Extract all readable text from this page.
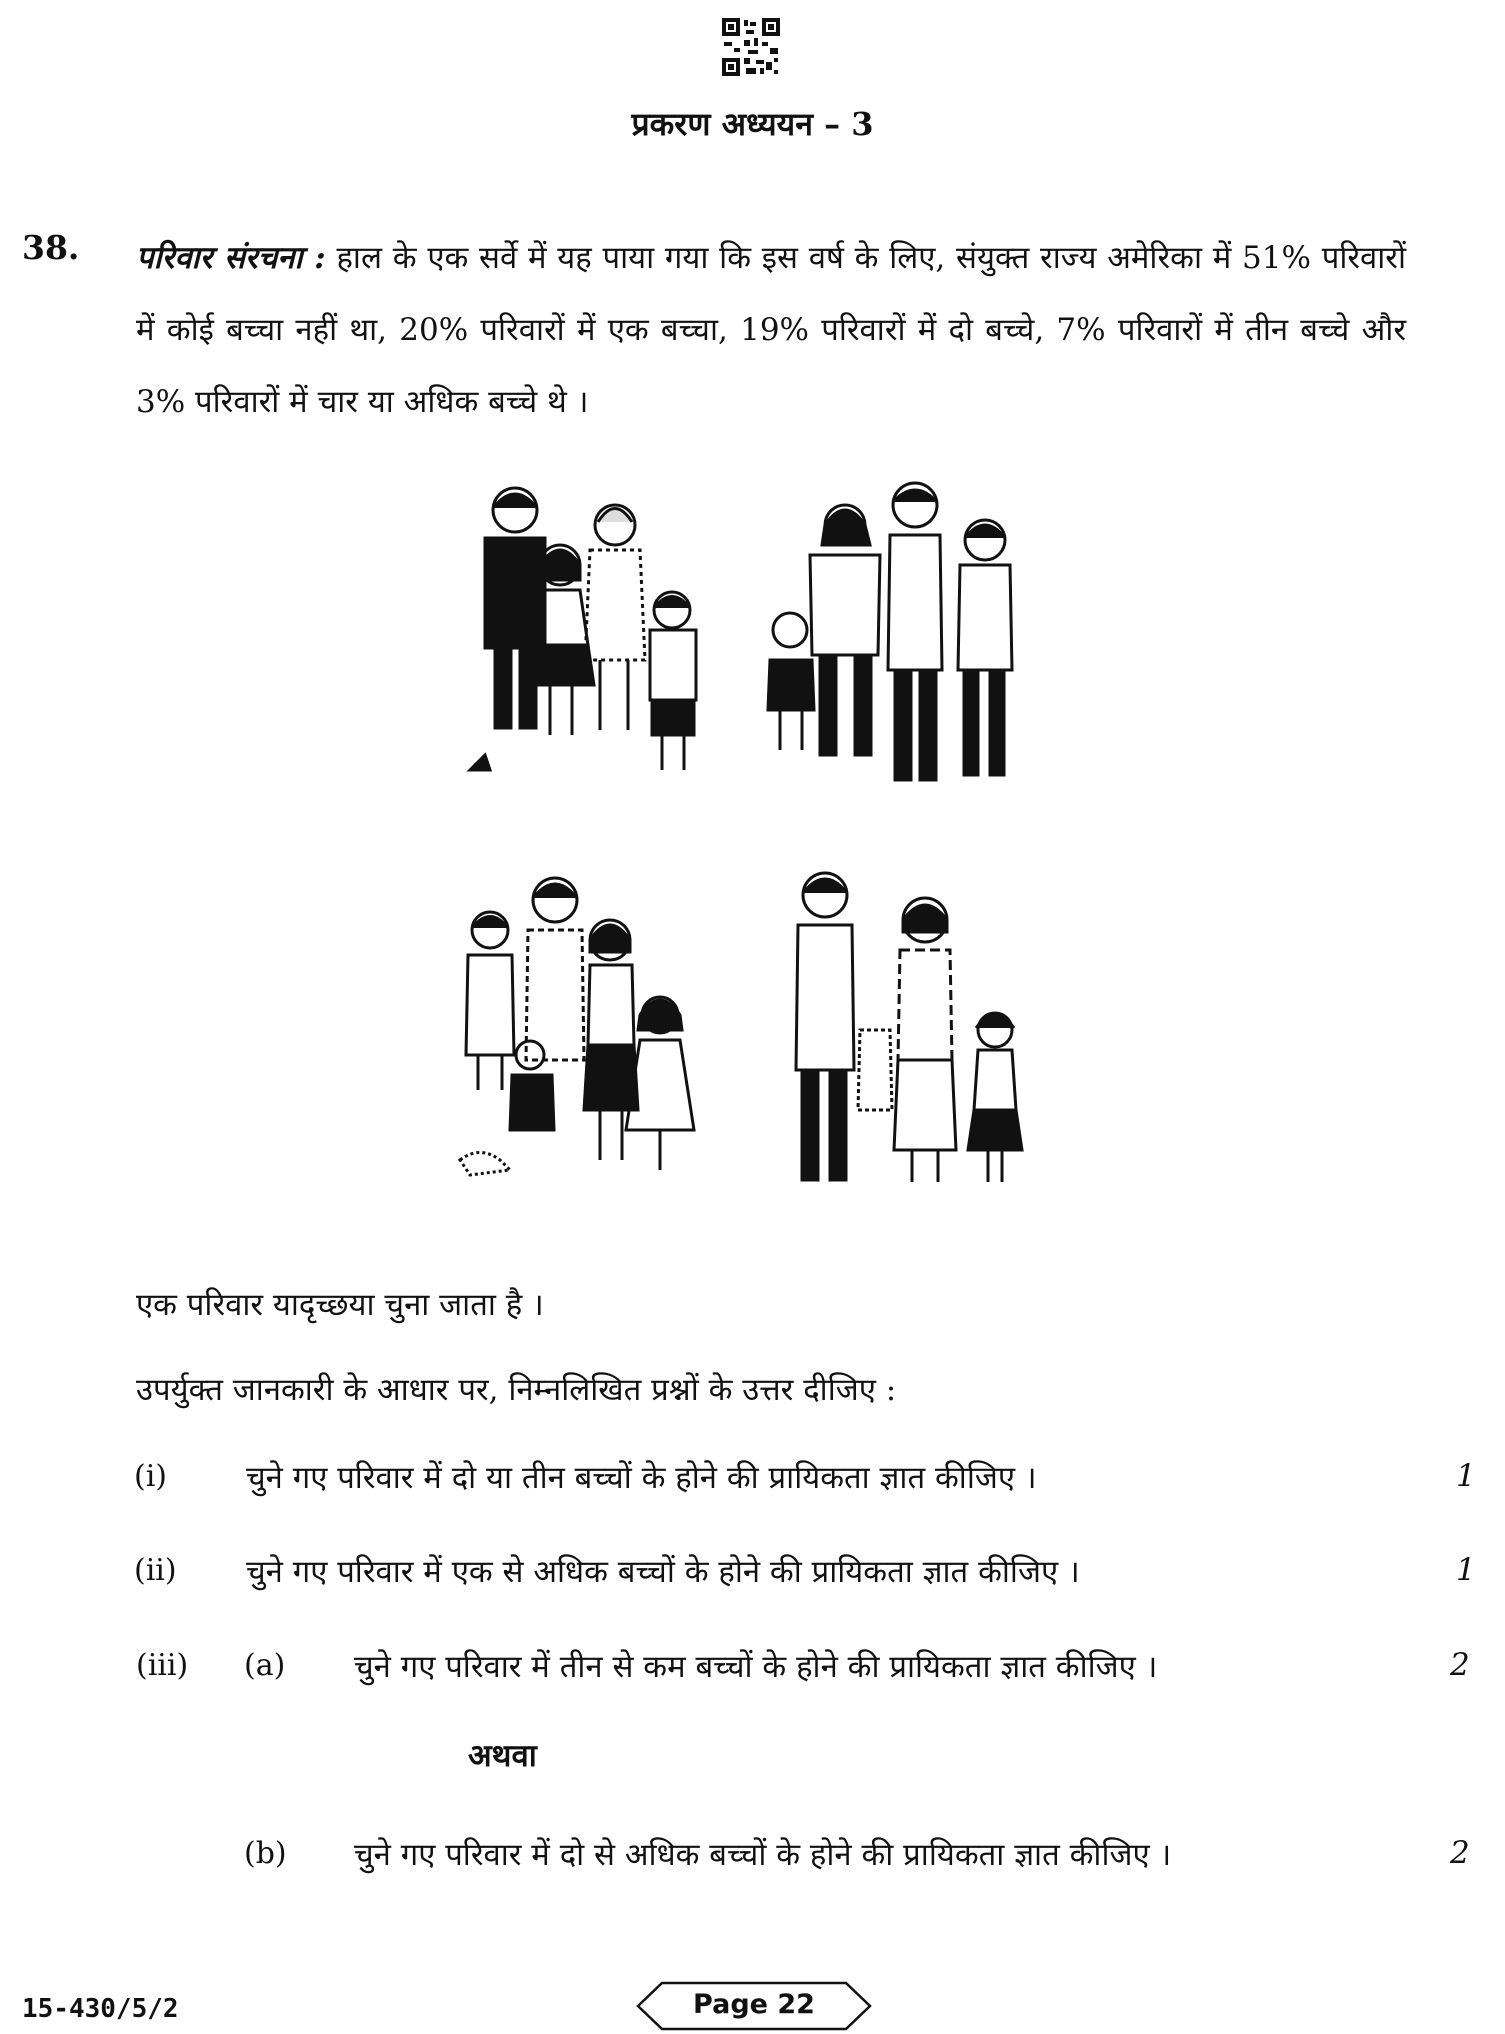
प्रकरण अध्ययन – 3
38. परिवार संरचना : हाल के एक सर्वे में यह पाया गया कि इस वर्ष के लिए, संयुक्त राज्य अमेरिका में 51% परिवारों में कोई बच्चा नहीं था, 20% परिवारों में एक बच्चा, 19% परिवारों में दो बच्चे, 7% परिवारों में तीन बच्चे और 3% परिवारों में चार या अधिक बच्चे थे ।
एक परिवार यादृच्छया चुना जाता है ।
उपर्युक्त जानकारी के आधार पर, निम्नलिखित प्रश्नों के उत्तर दीजिए :
(i)	चुने गए परिवार में दो या तीन बच्चों के होने की प्रायिकता ज्ञात कीजिए ।	1
(ii) चुने गए परिवार में एक से अधिक बच्चों के होने की प्रायिकता ज्ञात कीजिए ।	1
(iii) (a) चुने गए परिवार में तीन से कम बच्चों के होने की प्रायिकता ज्ञात कीजिए ।	2
अथवा
(b) चुने गए परिवार में दो से अधिक बच्चों के होने की प्रायिकता ज्ञात कीजिए ।	2
15-430/5/2	Page 22
